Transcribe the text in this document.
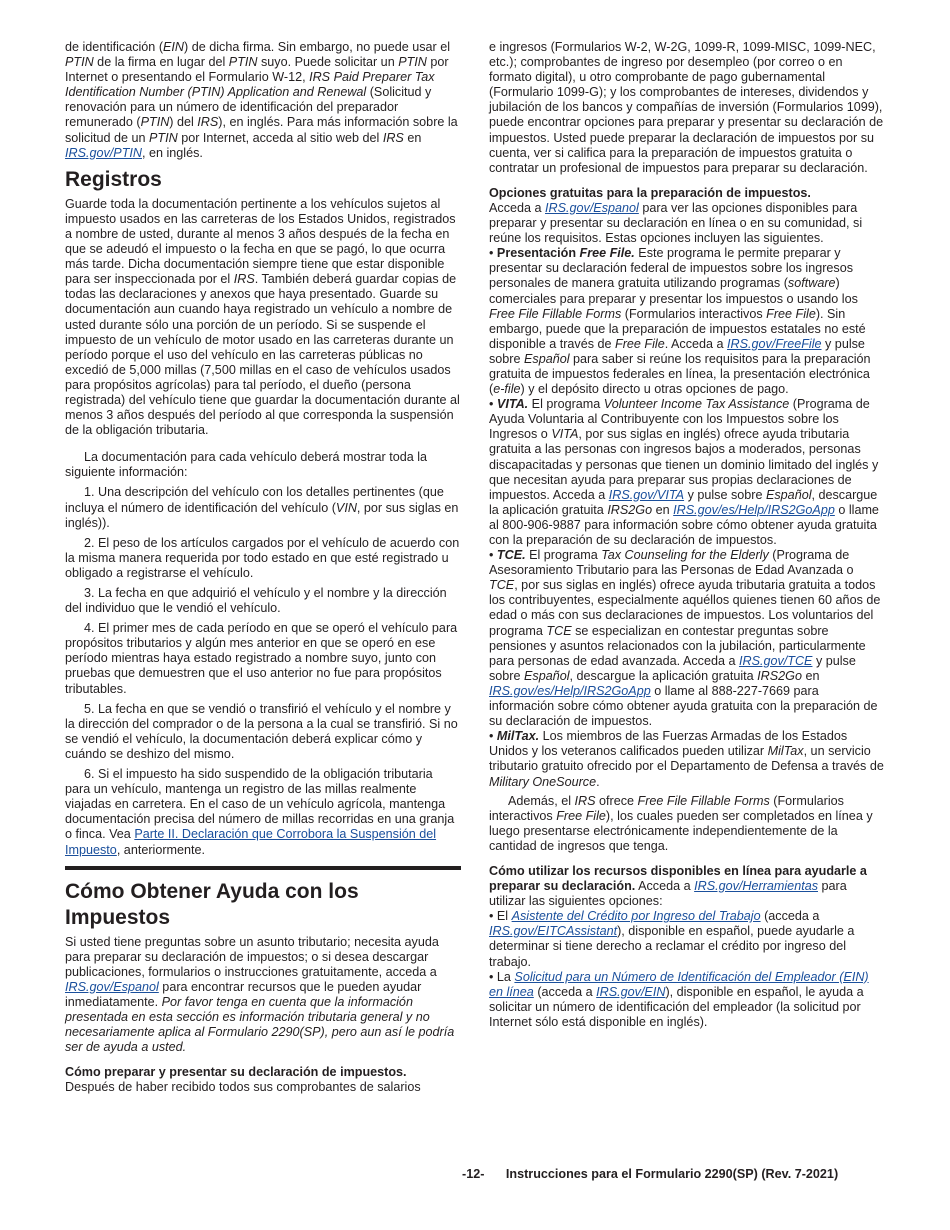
de identificación (EIN) de dicha firma. Sin embargo, no puede usar el PTIN de la firma en lugar del PTIN suyo. Puede solicitar un PTIN por Internet o presentando el Formulario W-12, IRS Paid Preparer Tax Identification Number (PTIN) Application and Renewal (Solicitud y renovación para un número de identificación del preparador remunerado (PTIN) del IRS), en inglés. Para más información sobre la solicitud de un PTIN por Internet, acceda al sitio web del IRS en IRS.gov/PTIN, en inglés.

Registros

Guarde toda la documentación pertinente a los vehículos sujetos al impuesto usados en las carreteras de los Estados Unidos, registrados a nombre de usted, durante al menos 3 años después de la fecha en que se adeudó el impuesto o la fecha en que se pagó, lo que ocurra más tarde. Dicha documentación siempre tiene que estar disponible para ser inspeccionada por el IRS. También deberá guardar copias de todas las declaraciones y anexos que haya presentado. Guarde su documentación aun cuando haya registrado un vehículo a nombre de usted durante sólo una porción de un período. Si se suspende el impuesto de un vehículo de motor usado en las carreteras durante un período porque el uso del vehículo en las carreteras públicas no excedió de 5,000 millas (7,500 millas en el caso de vehículos usados para propósitos agrícolas) para tal período, el dueño (persona registrada) del vehículo tiene que guardar la documentación durante al menos 3 años después del período al que corresponda la suspensión de la obligación tributaria.

La documentación para cada vehículo deberá mostrar toda la siguiente información:

1. Una descripción del vehículo con los detalles pertinentes (que incluya el número de identificación del vehículo (VIN, por sus siglas en inglés)).

2. El peso de los artículos cargados por el vehículo de acuerdo con la misma manera requerida por todo estado en que esté registrado u obligado a registrarse el vehículo.

3. La fecha en que adquirió el vehículo y el nombre y la dirección del individuo que le vendió el vehículo.

4. El primer mes de cada período en que se operó el vehículo para propósitos tributarios y algún mes anterior en que se operó en ese período mientras haya estado registrado a nombre suyo, junto con pruebas que demuestren que el uso anterior no fue para propósitos tributables.

5. La fecha en que se vendió o transfirió el vehículo y el nombre y la dirección del comprador o de la persona a la cual se transfirió. Si no se vendió el vehículo, la documentación deberá explicar cómo y cuándo se deshizo del mismo.

6. Si el impuesto ha sido suspendido de la obligación tributaria para un vehículo, mantenga un registro de las millas realmente viajadas en carretera. En el caso de un vehículo agrícola, mantenga documentación precisa del número de millas recorridas en una granja o finca. Vea Parte II. Declaración que Corrobora la Suspensión del Impuesto, anteriormente.

Cómo Obtener Ayuda con los Impuestos

Si usted tiene preguntas sobre un asunto tributario; necesita ayuda para preparar su declaración de impuestos; o si desea descargar publicaciones, formularios o instrucciones gratuitamente, acceda a IRS.gov/Espanol para encontrar recursos que le pueden ayudar inmediatamente. Por favor tenga en cuenta que la información presentada en esta sección es información tributaria general y no necesariamente aplica al Formulario 2290(SP), pero aun así le podría ser de ayuda a usted.

Cómo preparar y presentar su declaración de impuestos.
Después de haber recibido todos sus comprobantes de salarios

e ingresos (Formularios W-2, W-2G, 1099-R, 1099-MISC, 1099-NEC, etc.); comprobantes de ingreso por desempleo (por correo o en formato digital), u otro comprobante de pago gubernamental (Formulario 1099-G); y los comprobantes de intereses, dividendos y jubilación de los bancos y compañías de inversión (Formularios 1099), puede encontrar opciones para preparar y presentar su declaración de impuestos. Usted puede preparar la declaración de impuestos por su cuenta, ver si califica para la preparación de impuestos gratuita o contratar un profesional de impuestos para preparar su declaración.

Opciones gratuitas para la preparación de impuestos.
Acceda a IRS.gov/Espanol para ver las opciones disponibles para preparar y presentar su declaración en línea o en su comunidad, si reúne los requisitos. Estas opciones incluyen las siguientes.

• Presentación Free File. Este programa le permite preparar y presentar su declaración federal de impuestos sobre los ingresos personales de manera gratuita utilizando programas (software) comerciales para preparar y presentar los impuestos o usando los Free File Fillable Forms (Formularios interactivos Free File). Sin embargo, puede que la preparación de impuestos estatales no esté disponible a través de Free File. Acceda a IRS.gov/FreeFile y pulse sobre Español para saber si reúne los requisitos para la preparación gratuita de impuestos federales en línea, la presentación electrónica (e-file) y el depósito directo u otras opciones de pago.

• VITA. El programa Volunteer Income Tax Assistance (Programa de Ayuda Voluntaria al Contribuyente con los Impuestos sobre los Ingresos o VITA, por sus siglas en inglés) ofrece ayuda tributaria gratuita a las personas con ingresos bajos a moderados, personas discapacitadas y personas que tienen un dominio limitado del inglés y que necesitan ayuda para preparar sus propias declaraciones de impuestos. Acceda a IRS.gov/VITA y pulse sobre Español, descargue la aplicación gratuita IRS2Go en IRS.gov/es/Help/IRS2GoApp o llame al 800-906-9887 para información sobre cómo obtener ayuda gratuita con la preparación de su declaración de impuestos.

• TCE. El programa Tax Counseling for the Elderly (Programa de Asesoramiento Tributario para las Personas de Edad Avanzada o TCE, por sus siglas en inglés) ofrece ayuda tributaria gratuita a todos los contribuyentes, especialmente aquéllos quienes tienen 60 años de edad o más con sus declaraciones de impuestos. Los voluntarios del programa TCE se especializan en contestar preguntas sobre pensiones y asuntos relacionados con la jubilación, particularmente para personas de edad avanzada. Acceda a IRS.gov/TCE y pulse sobre Español, descargue la aplicación gratuita IRS2Go en IRS.gov/es/Help/IRS2GoApp o llame al 888-227-7669 para información sobre cómo obtener ayuda gratuita con la preparación de su declaración de impuestos.

• MilTax. Los miembros de las Fuerzas Armadas de los Estados Unidos y los veteranos calificados pueden utilizar MilTax, un servicio tributario gratuito ofrecido por el Departamento de Defensa a través de Military OneSource.

Además, el IRS ofrece Free File Fillable Forms (Formularios interactivos Free File), los cuales pueden ser completados en línea y luego presentarse electrónicamente independientemente de la cantidad de ingresos que tenga.

Cómo utilizar los recursos disponibles en línea para ayudarle a preparar su declaración. Acceda a IRS.gov/Herramientas para utilizar las siguientes opciones:

• El Asistente del Crédito por Ingreso del Trabajo (acceda a IRS.gov/EITCAssistant), disponible en español, puede ayudarle a determinar si tiene derecho a reclamar el crédito por ingreso del trabajo.

• La Solicitud para un Número de Identificación del Empleador (EIN) en línea (acceda a IRS.gov/EIN), disponible en español, le ayuda a solicitar un número de identificación del empleador (la solicitud por Internet sólo está disponible en inglés).

-12- Instrucciones para el Formulario 2290(SP) (Rev. 7-2021)
